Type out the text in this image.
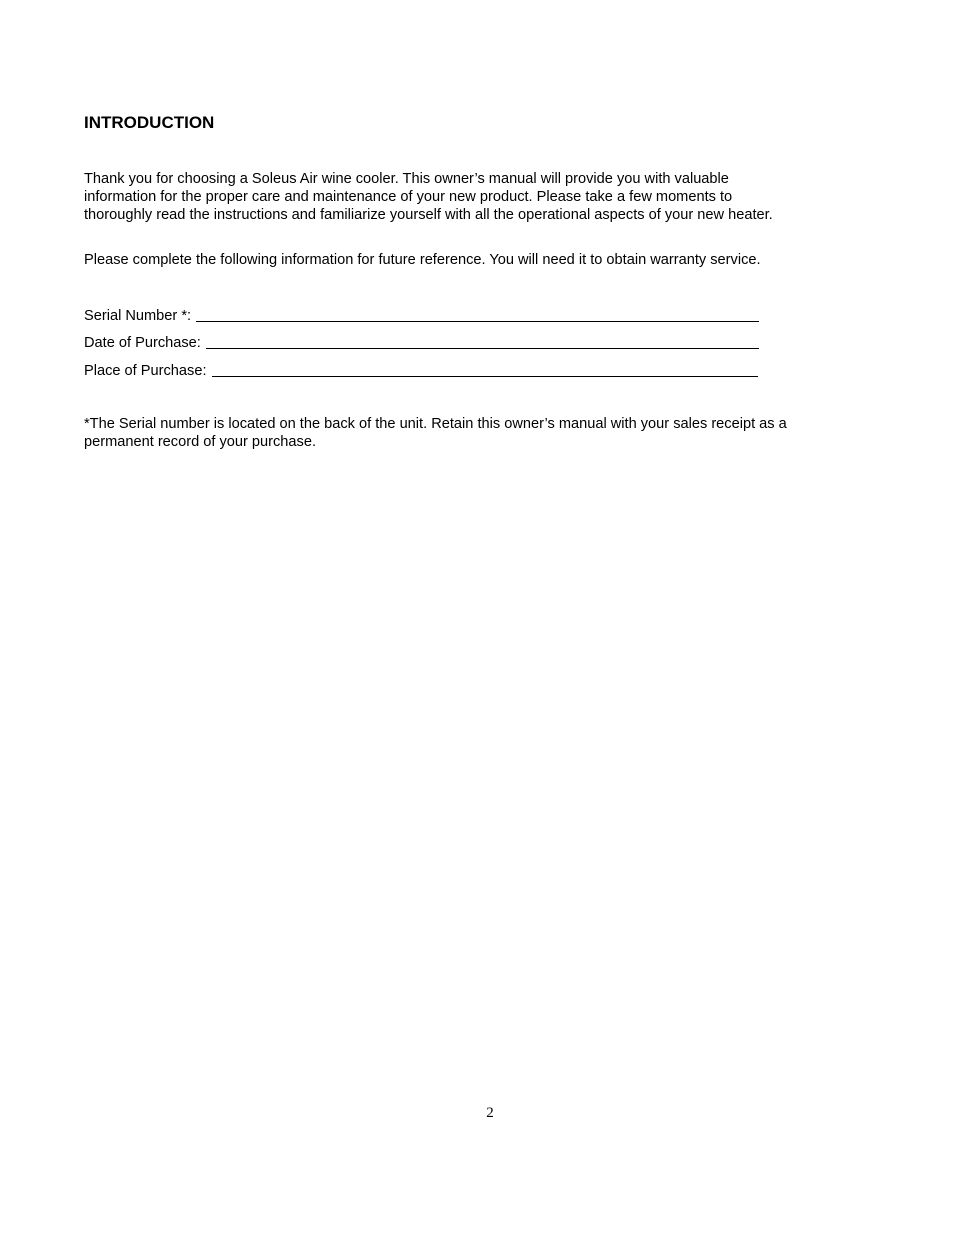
INTRODUCTION
Thank you for choosing a Soleus Air wine cooler. This owner’s manual will provide you with valuable
information for the proper care and maintenance of your new product. Please take a few moments to
thoroughly read the instructions and familiarize yourself with all the operational aspects of your new heater.
Please complete the following information for future reference. You will need it to obtain warranty service.
Serial Number *:
Date of Purchase:
Place of Purchase:
*The Serial number is located on the back of the unit. Retain this owner’s manual with your sales receipt as a
permanent record of your purchase.
2
